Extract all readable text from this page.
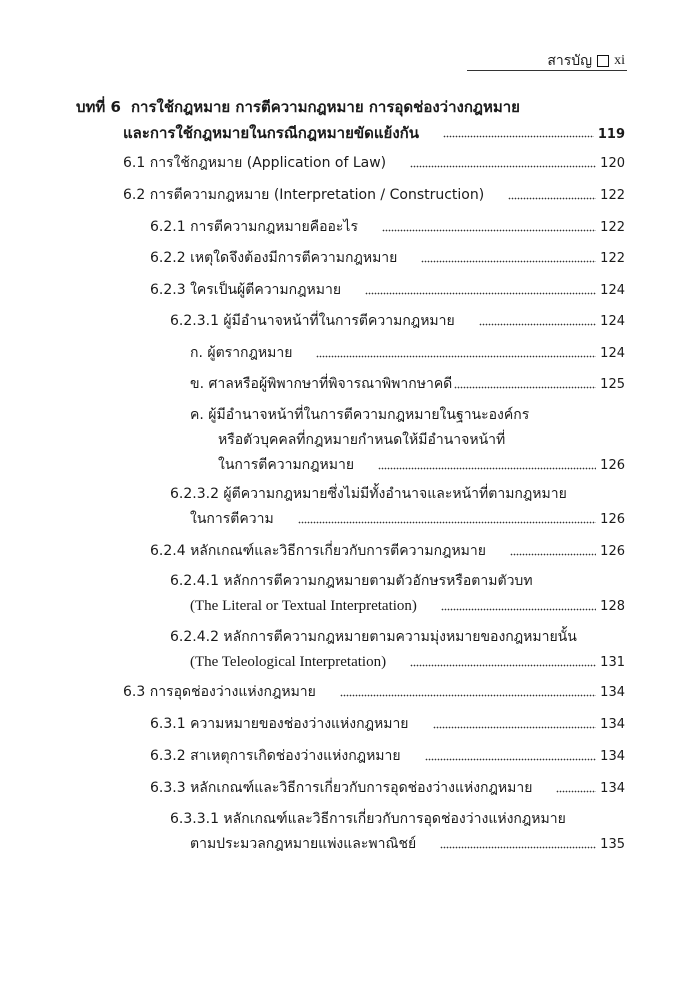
สารบัญ xi
บทที่ 6 การใช้กฎหมาย การตีความกฎหมาย การอุดช่องว่างกฎหมาย
และการใช้กฎหมายในกรณีกฎหมายขัดแย้งกัน	119
6.1 การใช้กฎหมาย (Application of Law)	120
6.2 การตีความกฎหมาย (Interpretation / Construction)	122
6.2.1 การตีความกฎหมายคืออะไร	122
6.2.2 เหตุใดจึงต้องมีการตีความกฎหมาย	122
6.2.3 ใครเป็นผู้ตีความกฎหมาย	124
6.2.3.1 ผู้มีอำนาจหน้าที่ในการตีความกฎหมาย	124
ก. ผู้ตรากฎหมาย	124
ข. ศาลหรือผู้พิพากษาที่พิจารณาพิพากษาคดี	125
ค. ผู้มีอำนาจหน้าที่ในการตีความกฎหมายในฐานะองค์กร
หรือตัวบุคคลที่กฎหมายกำหนดให้มีอำนาจหน้าที่
ในการตีความกฎหมาย	126
6.2.3.2 ผู้ตีความกฎหมายซึ่งไม่มีทั้งอำนาจและหน้าที่ตามกฎหมาย
ในการตีความ	126
6.2.4 หลักเกณฑ์และวิธีการเกี่ยวกับการตีความกฎหมาย	126
6.2.4.1 หลักการตีความกฎหมายตามตัวอักษรหรือตามตัวบท
(The Literal or Textual Interpretation)	128
6.2.4.2 หลักการตีความกฎหมายตามความมุ่งหมายของกฎหมายนั้น
(The Teleological Interpretation)	131
6.3 การอุดช่องว่างแห่งกฎหมาย	134
6.3.1 ความหมายของช่องว่างแห่งกฎหมาย	134
6.3.2 สาเหตุการเกิดช่องว่างแห่งกฎหมาย	134
6.3.3 หลักเกณฑ์และวิธีการเกี่ยวกับการอุดช่องว่างแห่งกฎหมาย	134
6.3.3.1 หลักเกณฑ์และวิธีการเกี่ยวกับการอุดช่องว่างแห่งกฎหมาย
ตามประมวลกฎหมายแพ่งและพาณิชย์	135
